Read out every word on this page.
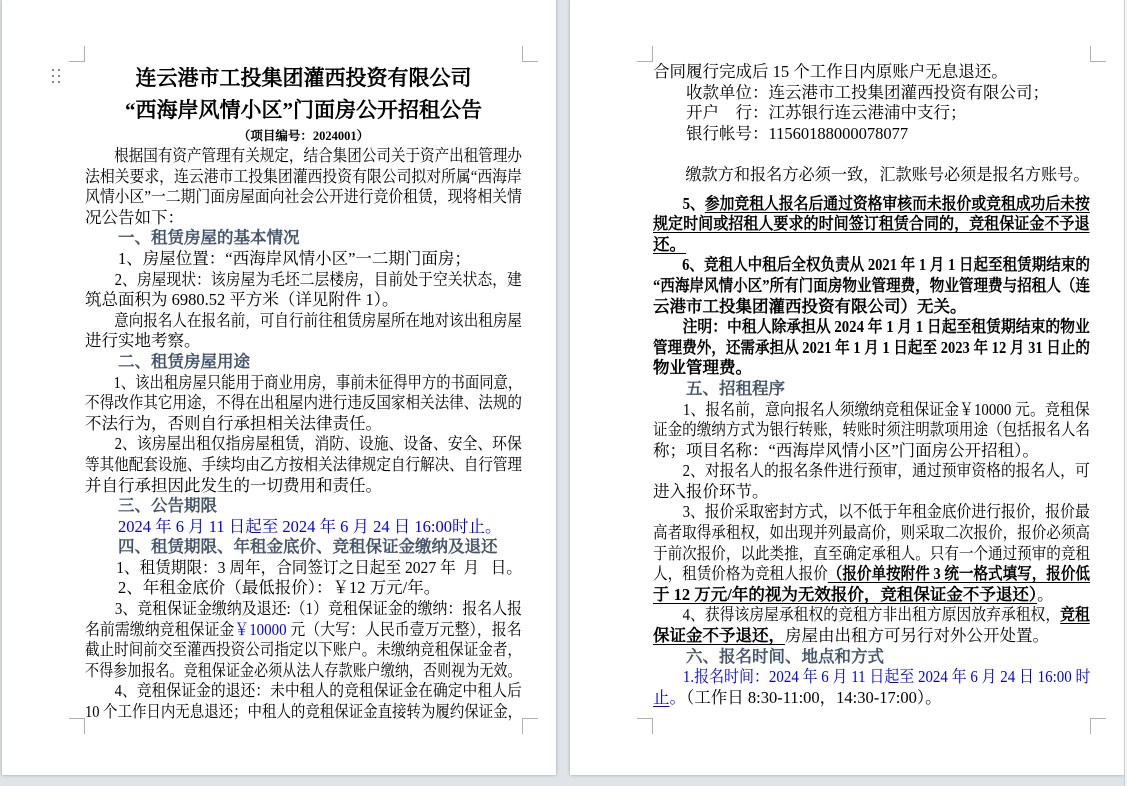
连云港市工投集团灌西投资有限公司
“西海岸风情小区”门面房公开招租公告
（项目编号：2024001）
　　根据国有资产管理有关规定，结合集团公司关于资产出租管理办
法相关要求，连云港市工投集团灌西投资有限公司拟对所属“西海岸
风情小区”一二期门面房屋面向社会公开进行竞价租赁，现将相关情
况公告如下：
　　一、租赁房屋的基本情况
　　1、房屋位置：“西海岸风情小区”一二期门面房；
　　2、房屋现状：该房屋为毛坯二层楼房，目前处于空关状态，建
筑总面积为 6980.52 平方米（详见附件 1）。
　　意向报名人在报名前，可自行前往租赁房屋所在地对该出租房屋
进行实地考察。
　　二、租赁房屋用途
　　1、该出租房屋只能用于商业用房，事前未征得甲方的书面同意，
不得改作其它用途，不得在出租屋内进行违反国家相关法律、法规的
不法行为，否则自行承担相关法律责任。
　　2、该房屋出租仅指房屋租赁，消防、设施、设备、安全、环保
等其他配套设施、手续均由乙方按相关法律规定自行解决、自行管理
并自行承担因此发生的一切费用和责任。
　　三、公告期限
　　2024 年 6 月 11 日起至 2024 年 6 月 24 日 16:00时止。
　　四、租赁期限、年租金底价、竞租保证金缴纳及退还
　　1、租赁期限：3 周年，合同签订之日起至 2027 年  月   日。
　　2、年租金底价（最低报价）：￥12 万元/年。
　　3、竞租保证金缴纳及退还:（1）竞租保证金的缴纳：报名人报
名前需缴纳竞租保证金￥10000 元（大写：人民币壹万元整），报名
截止时间前交至灌西投资公司指定以下账户。未缴纳竞租保证金者，
不得参加报名。竞租保证金必须从法人存款账户缴纳，否则视为无效。
　　4、竞租保证金的退还：未中租人的竞租保证金在确定中租人后
10 个工作日内无息退还；中租人的竞租保证金直接转为履约保证金，
合同履行完成后 15 个工作日内原账户无息退还。
　　收款单位：连云港市工投集团灌西投资有限公司；
　　开户　行：江苏银行连云港浦中支行；
　　银行帐号：11560188000078077

　　缴款方和报名方必须一致，汇款账号必须是报名方账号。

　　5、参加竞租人报名后通过资格审核而未报价或竞租成功后未按
规定时间或招租人要求的时间签订租赁合同的，竞租保证金不予退
还。
　　6、竞租人中租后全权负责从 2021 年 1 月 1 日起至租赁期结束的
“西海岸风情小区”所有门面房物业管理费，物业管理费与招租人（连
云港市工投集团灌西投资有限公司）无关。
　　注明：中租人除承担从 2024 年 1 月 1 日起至租赁期结束的物业
管理费外，还需承担从 2021 年 1 月 1 日起至 2023 年 12 月 31 日止的
物业管理费。
　　五、招租程序
　　1、报名前，意向报名人须缴纳竞租保证金￥10000 元。竞租保
证金的缴纳方式为银行转账，转账时须注明款项用途（包括报名人名
称；项目名称：“西海岸风情小区”门面房公开招租）。
　　2、对报名人的报名条件进行预审，通过预审资格的报名人，可
进入报价环节。
　　3、报价采取密封方式，以不低于年租金底价进行报价，报价最
高者取得承租权，如出现并列最高价，则采取二次报价，报价必须高
于前次报价，以此类推，直至确定承租人。只有一个通过预审的竞租
人，租赁价格为竞租人报价（报价单按附件 3 统一格式填写，报价低
于 12 万元/年的视为无效报价，竞租保证金不予退还）。
　　4、获得该房屋承租权的竞租方非出租方原因放弃承租权，竞租
保证金不予退还，房屋由出租方可另行对外公开处置。
　　六、报名时间、地点和方式
　　1.报名时间：2024 年 6 月 11 日起至 2024 年 6 月 24 日 16:00 时
止。（工作日 8:30-11:00，14:30-17:00）。
